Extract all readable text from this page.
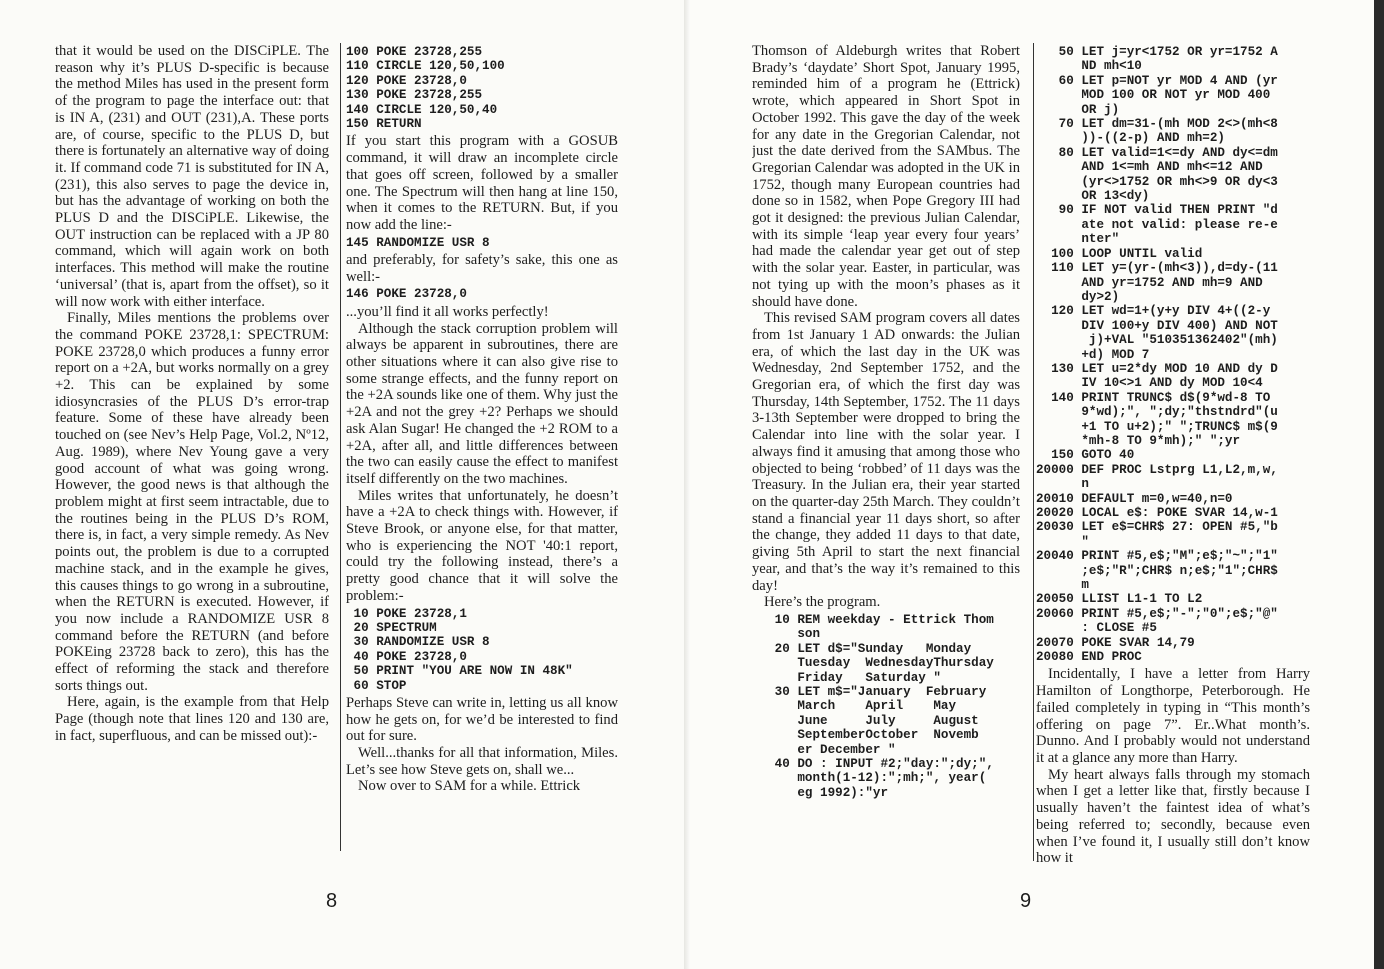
that it would be used on the DISCiPLE. The reason why it’s PLUS D-specific is because the method Miles has used in the present form of the program to page the interface out: that is IN A, (231) and OUT (231),A. These ports are, of course, specific to the PLUS D, but there is fortunately an alternative way of doing it. If command code 71 is substituted for IN A,(231), this also serves to page the device in, but has the advantage of working on both the PLUS D and the DISCiPLE. Likewise, the OUT instruction can be replaced with a JP 80 command, which will again work on both interfaces. This method will make the routine ‘universal’ (that is, apart from the offset), so it will now work with either interface.

Finally, Miles mentions the problems over the command POKE 23728,1: SPECTRUM: POKE 23728,0 which produces a funny error report on a +2A, but works normally on a grey +2. This can be explained by some idiosyncrasies of the PLUS D’s error-trap feature. Some of these have already been touched on (see Nev’s Help Page, Vol.2, Nº12, Aug. 1989), where Nev Young gave a very good account of what was going wrong. However, the good news is that although the problem might at first seem intractable, due to the routines being in the PLUS D’s ROM, there is, in fact, a very simple remedy. As Nev points out, the problem is due to a corrupted machine stack, and in the example he gives, this causes things to go wrong in a subroutine, when the RETURN is executed. However, if you now include a RANDOMIZE USR 8 command before the RETURN (and before POKEing 23728 back to zero), this has the effect of reforming the stack and therefore sorts things out.

Here, again, is the example from that Help Page (though note that lines 120 and 130 are, in fact, superfluous, and can be missed out):-

100 POKE 23728,255
110 CIRCLE 120,50,100
120 POKE 23728,0
130 POKE 23728,255
140 CIRCLE 120,50,40
150 RETURN

If you start this program with a GOSUB command, it will draw an incomplete circle that goes off screen, followed by a smaller one. The Spectrum will then hang at line 150, when it comes to the RETURN. But, if you now add the line:-

145 RANDOMIZE USR 8

and preferably, for safety’s sake, this one as well:-

146 POKE 23728,0

...you’ll find it all works perfectly!

Although the stack corruption problem will always be apparent in subroutines, there are other situations where it can also give rise to some strange effects, and the funny report on the +2A sounds like one of them. Why just the +2A and not the grey +2? Perhaps we should ask Alan Sugar! He changed the +2 ROM to a +2A, after all, and little differences between the two can easily cause the effect to manifest itself differently on the two machines.

Miles writes that unfortunately, he doesn’t have a +2A to check things with. However, if Steve Brook, or anyone else, for that matter, who is experiencing the NOT '40:1 report, could try the following instead, there’s a pretty good chance that it will solve the problem:-

10 POKE 23728,1
20 SPECTRUM
30 RANDOMIZE USR 8
40 POKE 23728,0
50 PRINT "YOU ARE NOW IN 48K"
60 STOP

Perhaps Steve can write in, letting us all know how he gets on, for we’d be interested to find out for sure.

Well...thanks for all that information, Miles. Let’s see how Steve gets on, shall we...

Now over to SAM for a while. Ettrick

8

Thomson of Aldeburgh writes that Robert Brady’s ‘daydate’ Short Spot, January 1995, reminded him of a program he (Ettrick) wrote, which appeared in Short Spot in October 1992. This gave the day of the week for any date in the Gregorian Calendar, not just the date derived from the SAMbus. The Gregorian Calendar was adopted in the UK in 1752, though many European countries had done so in 1582, when Pope Gregory III had got it designed: the previous Julian Calendar, with its simple ‘leap year every four years’ had made the calendar year get out of step with the solar year. Easter, in particular, was not tying up with the moon’s phases as it should have done.

This revised SAM program covers all dates from 1st January 1 AD onwards: the Julian era, of which the last day in the UK was Wednesday, 2nd September 1752, and the Gregorian era, of which the first day was Thursday, 14th September, 1752. The 11 days 3-13th September were dropped to bring the Calendar into line with the solar year. I always find it amusing that among those who objected to being ‘robbed’ of 11 days was the Treasury. In the Julian era, their year started on the quarter-day 25th March. They couldn’t stand a financial year 11 days short, so after the change, they added 11 days to that date, giving 5th April to start the next financial year, and that’s the way it’s remained to this day!

Here’s the program.

10 REM weekday - Ettrick Thom
son
20 LET d$="Sunday   Monday
Tuesday  WednesdayThursday
Friday   Saturday "
30 LET m$="January  February
March    April    May
June     July     August
SeptemberOctober  Novemb
er December "
40 DO : INPUT #2;"day:";dy;",
month(1-12):";mh;", year(
eg 1992):"yr
50 LET j=yr<1752 OR yr=1752 A
ND mh<10
60 LET p=NOT yr MOD 4 AND (yr
MOD 100 OR NOT yr MOD 400
OR j)
70 LET dm=31-(mh MOD 2<>(mh<8
))-((2-p) AND mh=2)
80 LET valid=1<=dy AND dy<=dm
AND 1<=mh AND mh<=12 AND
(yr<>1752 OR mh<>9 OR dy<3
OR 13<dy)
90 IF NOT valid THEN PRINT "d
ate not valid: please re-e
nter"
100 LOOP UNTIL valid
110 LET y=(yr-(mh<3)),d=dy-(11
AND yr=1752 AND mh=9 AND
dy>2)
120 LET wd=1+(y+y DIV 4+((2-y
DIV 100+y DIV 400) AND NOT
j)+VAL "510351362402"(mh)
+d) MOD 7
130 LET u=2*dy MOD 10 AND dy D
IV 10<>1 AND dy MOD 10<4
140 PRINT TRUNC$ d$(9*wd-8 TO
9*wd);", ";dy;"thstndrd"(u
+1 TO u+2);" ";TRUNC$ m$(9
*mh-8 TO 9*mh);" ";yr
150 GOTO 40
20000 DEF PROC Lstprg L1,L2,m,w,
n
20010 DEFAULT m=0,w=40,n=0
20020 LOCAL e$: POKE SVAR 14,w-1
20030 LET e$=CHR$ 27: OPEN #5,"b
"
20040 PRINT #5,e$;"M";e$;"~";"1"
;e$;"R";CHR$ n;e$;"1";CHR$
m
20050 LLIST L1-1 TO L2
20060 PRINT #5,e$;"-";"0";e$;"@"
: CLOSE #5
20070 POKE SVAR 14,79
20080 END PROC

Incidentally, I have a letter from Harry Hamilton of Longthorpe, Peterborough. He failed completely in typing in “This month’s offering on page 7”. Er..What month’s. Dunno. And I probably would not understand it at a glance any more than Harry.

My heart always falls through my stomach when I get a letter like that, firstly because I usually haven’t the faintest idea of what’s being referred to; secondly, because even when I’ve found it, I usually still don’t know how it

9
